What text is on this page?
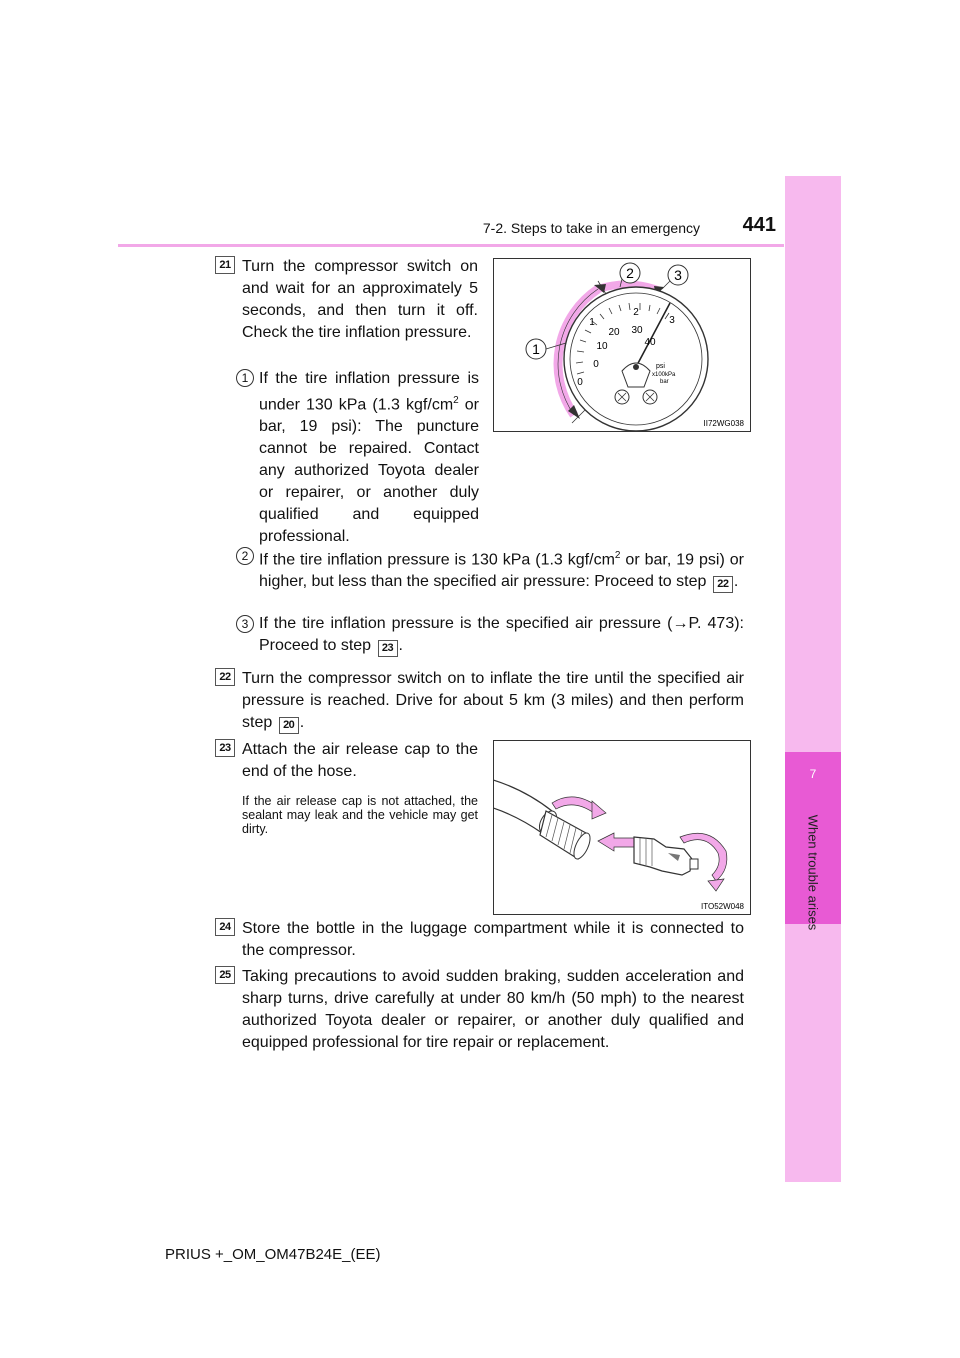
7-2. Steps to take in an emergency	441
7
When trouble arises
21 Turn the compressor switch on and wait for an approximately 5 seconds, and then turn it off. Check the tire inflation pressure.
1 If the tire inflation pressure is under 130 kPa (1.3 kgf/$cm^2$ or bar, 19 psi): The puncture cannot be repaired. Contact any authorized Toyota dealer or repairer, or another duly qualified and equipped professional.
0
10
20 30
40
0
1
2
3
psi
x100kPa
bar
1
2	3
II72WG038
2 If the tire inflation pressure is 130 kPa (1.3 kgf/$cm^2$ or bar, 19 psi) or higher, but less than the specified air pressure: Proceed to step 22 .
3 If the tire inflation pressure is the specified air pressure (→P. 473): Proceed to step 23 .
22 Turn the compressor switch on to inflate the tire until the specified air pressure is reached. Drive for about 5 km (3 miles) and then perform step 20 .
23 Attach the air release cap to the end of the hose.
If the air release cap is not attached, the sealant may leak and the vehicle may get dirty.
ITO52W048
24 Store the bottle in the luggage compartment while it is connected to the compressor.
25 Taking precautions to avoid sudden braking, sudden acceleration and sharp turns, drive carefully at under 80 km/h (50 mph) to the nearest authorized Toyota dealer or repairer, or another duly qualified and equipped professional for tire repair or replacement.
PRIUS +_OM_OM47B24E_(EE)
